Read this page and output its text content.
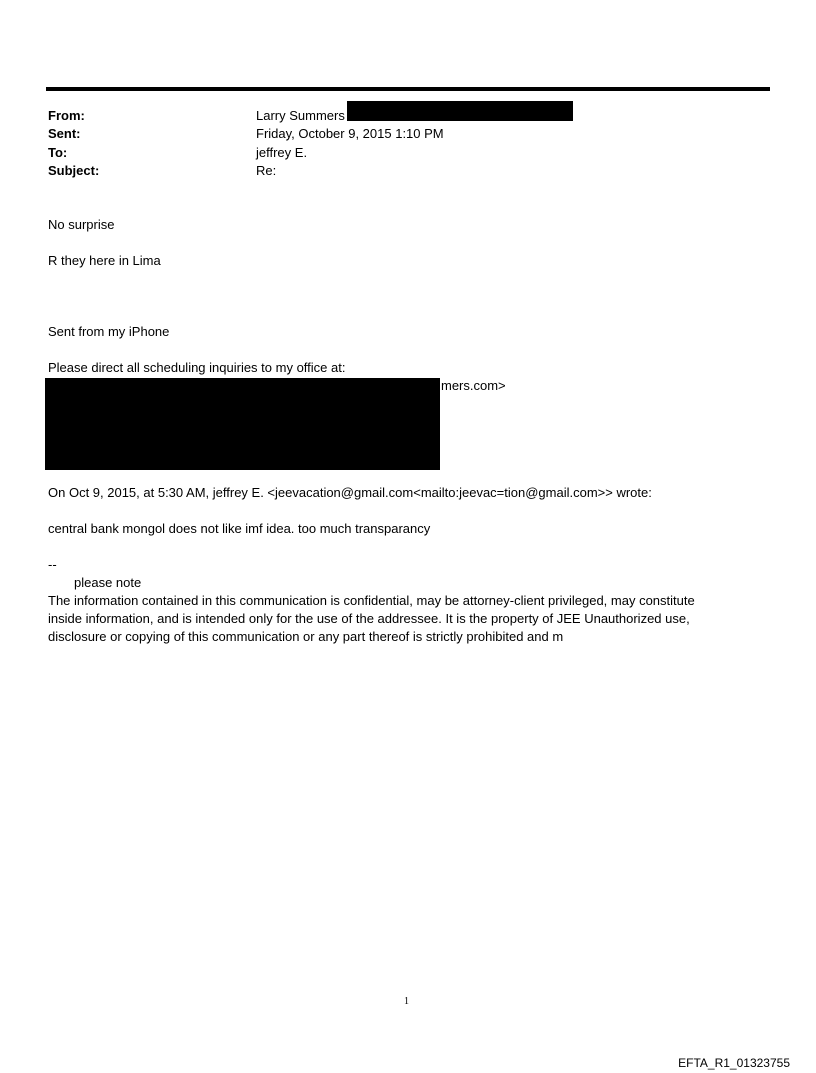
From:	Larry Summers
Sent:	Friday, October 9, 2015 1:10 PM
To:	jeffrey E.
Subject:	Re:
No surprise
R they here in Lima
Sent from my iPhone
Please direct all scheduling inquiries to my office at:
mers.com>
On Oct 9, 2015, at 5:30 AM, jeffrey E. <jeevacation@gmail.com<mailto:jeevac=tion@gmail.com>> wrote:
central bank mongol does not like imf idea. too much transparancy
--
please note
The information contained in this communication is confidential, may be attorney-client privileged, may constitute
inside information, and is intended only for the use of the addressee. It is the property of JEE Unauthorized use,
disclosure or copying of this communication or any part thereof is strictly prohibited and m
1
EFTA_R1_01323755
